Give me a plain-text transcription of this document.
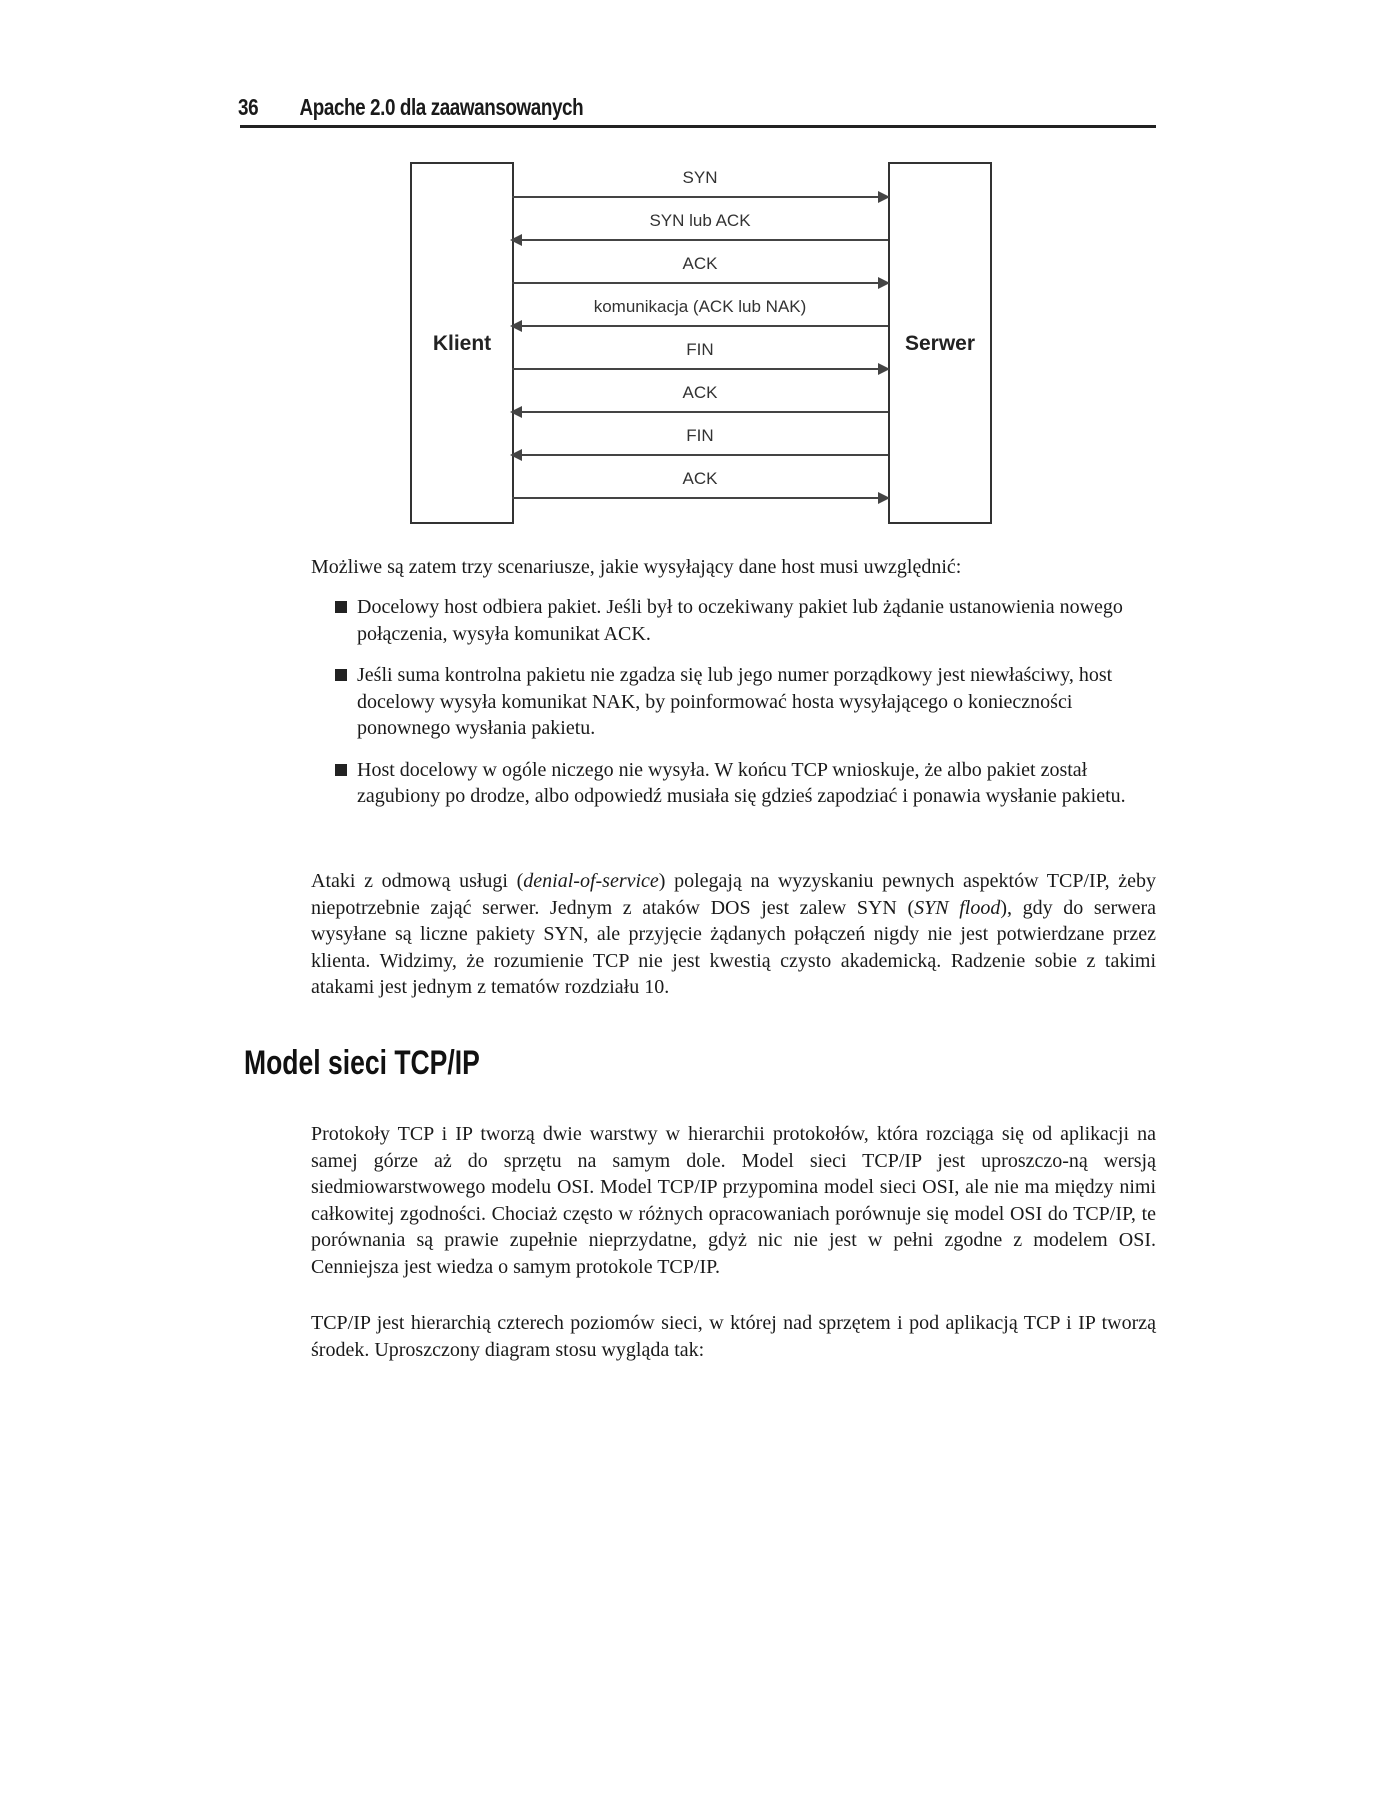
36 Apache 2.0 dla zaawansowanych
Klient	Serwer
SYN
SYN lub ACK
ACK
komunikacja (ACK lub NAK)
FIN
ACK
FIN
ACK
Możliwe są zatem trzy scenariusze, jakie wysyłający dane host musi uwzględnić:
Docelowy host odbiera pakiet. Jeśli był to oczekiwany pakiet lub żądanie ustanowienia nowego połączenia, wysyła komunikat ACK.
Jeśli suma kontrolna pakietu nie zgadza się lub jego numer porządkowy jest niewłaściwy, host docelowy wysyła komunikat NAK, by poinformować hosta wysyłającego o konieczności ponownego wysłania pakietu.
Host docelowy w ogóle niczego nie wysyła. W końcu TCP wnioskuje, że albo pakiet został zagubiony po drodze, albo odpowiedź musiała się gdzieś zapodziać i ponawia wysłanie pakietu.
Ataki z odmową usługi (denial-of-service) polegają na wyzyskaniu pewnych aspektów TCP/IP, żeby niepotrzebnie zająć serwer. Jednym z ataków DOS jest zalew SYN (SYN flood), gdy do serwera wysyłane są liczne pakiety SYN, ale przyjęcie żądanych połączeń nigdy nie jest potwierdzane przez klienta. Widzimy, że rozumienie TCP nie jest kwestią czysto akademicką. Radzenie sobie z takimi atakami jest jednym z tematów rozdziału 10.
Model sieci TCP/IP
Protokoły TCP i IP tworzą dwie warstwy w hierarchii protokołów, która rozciąga się od aplikacji na samej górze aż do sprzętu na samym dole. Model sieci TCP/IP jest uproszczo-ną wersją siedmiowarstwowego modelu OSI. Model TCP/IP przypomina model sieci OSI, ale nie ma między nimi całkowitej zgodności. Chociaż często w różnych opracowaniach porównuje się model OSI do TCP/IP, te porównania są prawie zupełnie nieprzydatne, gdyż nic nie jest w pełni zgodne z modelem OSI. Cenniejsza jest wiedza o samym protokole TCP/IP.
TCP/IP jest hierarchią czterech poziomów sieci, w której nad sprzętem i pod aplikacją TCP i IP tworzą środek. Uproszczony diagram stosu wygląda tak:
